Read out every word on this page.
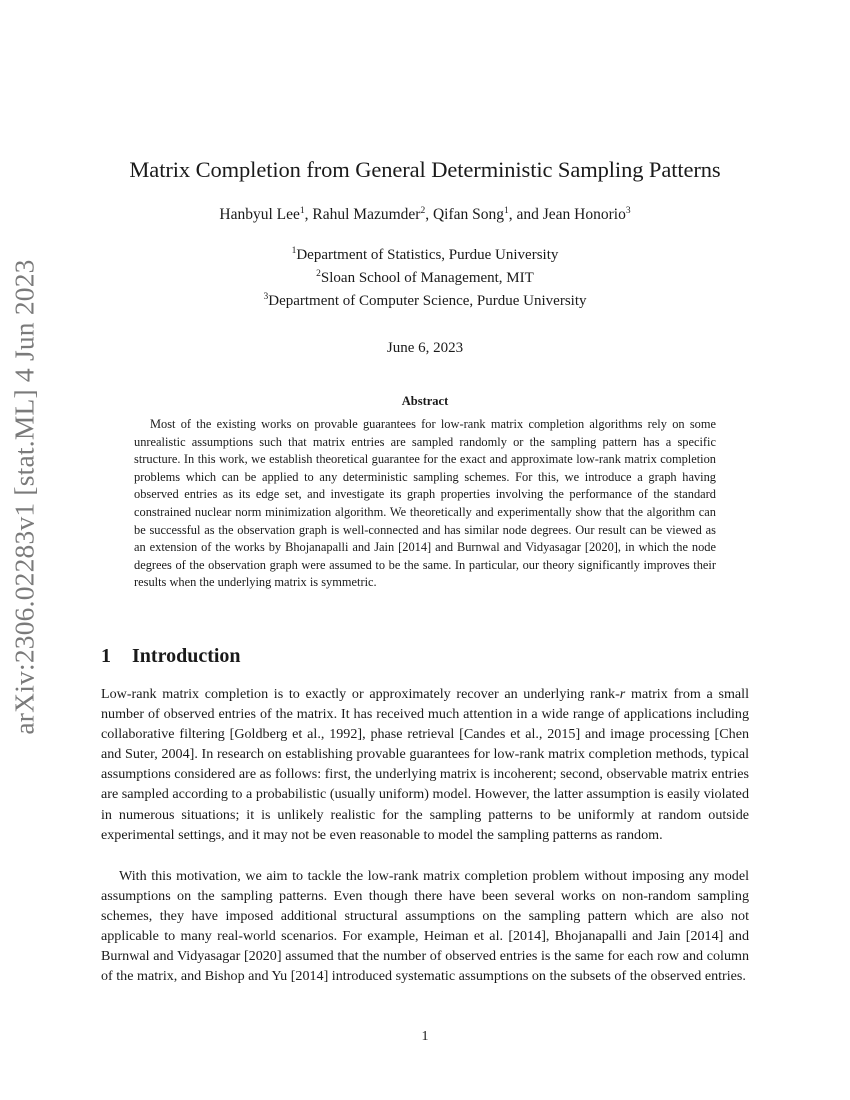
arXiv:2306.02283v1 [stat.ML] 4 Jun 2023
Matrix Completion from General Deterministic Sampling Patterns
Hanbyul Lee$^1$, Rahul Mazumder$^2$, Qifan Song$^1$, and Jean Honorio$^3$
$^1$Department of Statistics, Purdue University
$^2$Sloan School of Management, MIT
$^3$Department of Computer Science, Purdue University
June 6, 2023
Abstract

Most of the existing works on provable guarantees for low-rank matrix completion algorithms rely on some unrealistic assumptions such that matrix entries are sampled randomly or the sampling pattern has a specific structure. In this work, we establish theoretical guarantee for the exact and approximate low-rank matrix completion problems which can be applied to any deterministic sampling schemes. For this, we introduce a graph having observed entries as its edge set, and investigate its graph properties involving the performance of the standard constrained nuclear norm minimization algorithm. We theoretically and experimentally show that the algorithm can be successful as the observation graph is well-connected and has similar node degrees. Our result can be viewed as an extension of the works by Bhojanapalli and Jain [2014] and Burnwal and Vidyasagar [2020], in which the node degrees of the observation graph were assumed to be the same. In particular, our theory significantly improves their results when the underlying matrix is symmetric.

1 Introduction

Low-rank matrix completion is to exactly or approximately recover an underlying rank-r matrix from a small number of observed entries of the matrix. It has received much attention in a wide range of applications including collaborative filtering [Goldberg et al., 1992], phase retrieval [Candes et al., 2015] and image processing [Chen and Suter, 2004]. In research on establishing provable guarantees for low-rank matrix completion methods, typical assumptions considered are as follows: first, the underlying matrix is incoherent; second, observable matrix entries are sampled according to a probabilistic (usually uniform) model. However, the latter assumption is easily violated in numerous situations; it is unlikely realistic for the sampling patterns to be uniformly at random outside experimental settings, and it may not be even reasonable to model the sampling patterns as random.

With this motivation, we aim to tackle the low-rank matrix completion problem without imposing any model assumptions on the sampling patterns. Even though there have been several works on non-random sampling schemes, they have imposed additional structural assumptions on the sampling pattern which are also not applicable to many real-world scenarios. For example, Heiman et al. [2014], Bhojanapalli and Jain [2014] and Burnwal and Vidyasagar [2020] assumed that the number of observed entries is the same for each row and column of the matrix, and Bishop and Yu [2014] introduced systematic assumptions on the subsets of the observed entries.

1
